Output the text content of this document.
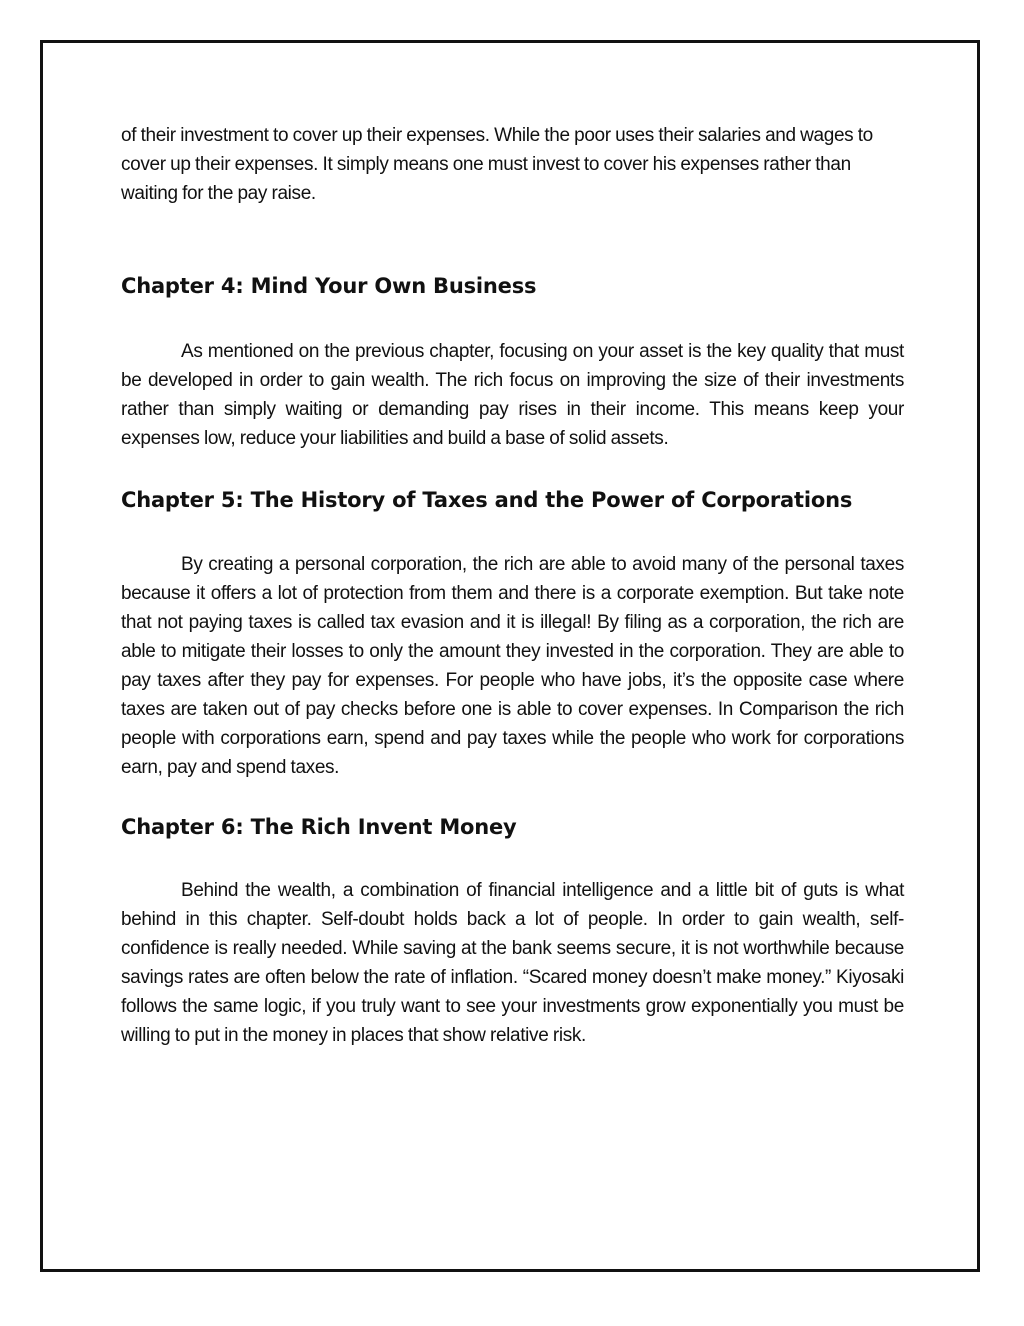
of their investment to cover up their expenses. While the poor uses their salaries and wages to cover up their expenses. It simply means one must invest to cover his expenses rather than waiting for the pay raise.

Chapter 4: Mind Your Own Business

As mentioned on the previous chapter, focusing on your asset is the key quality that must be developed in order to gain wealth. The rich focus on improving the size of their investments rather than simply waiting or demanding pay rises in their income. This means keep your expenses low, reduce your liabilities and build a base of solid assets.

Chapter 5: The History of Taxes and the Power of Corporations

By creating a personal corporation, the rich are able to avoid many of the personal taxes because it offers a lot of protection from them and there is a corporate exemption. But take note that not paying taxes is called tax evasion and it is illegal! By filing as a corporation, the rich are able to mitigate their losses to only the amount they invested in the corporation. They are able to pay taxes after they pay for expenses. For people who have jobs, it’s the opposite case where taxes are taken out of pay checks before one is able to cover expenses. In Comparison the rich people with corporations earn, spend and pay taxes while the people who work for corporations earn, pay and spend taxes.

Chapter 6: The Rich Invent Money

Behind the wealth, a combination of financial intelligence and a little bit of guts is what behind in this chapter. Self-doubt holds back a lot of people. In order to gain wealth, self-confidence is really needed. While saving at the bank seems secure, it is not worthwhile because savings rates are often below the rate of inflation. “Scared money doesn’t make money.” Kiyosaki follows the same logic, if you truly want to see your investments grow exponentially you must be willing to put in the money in places that show relative risk.
